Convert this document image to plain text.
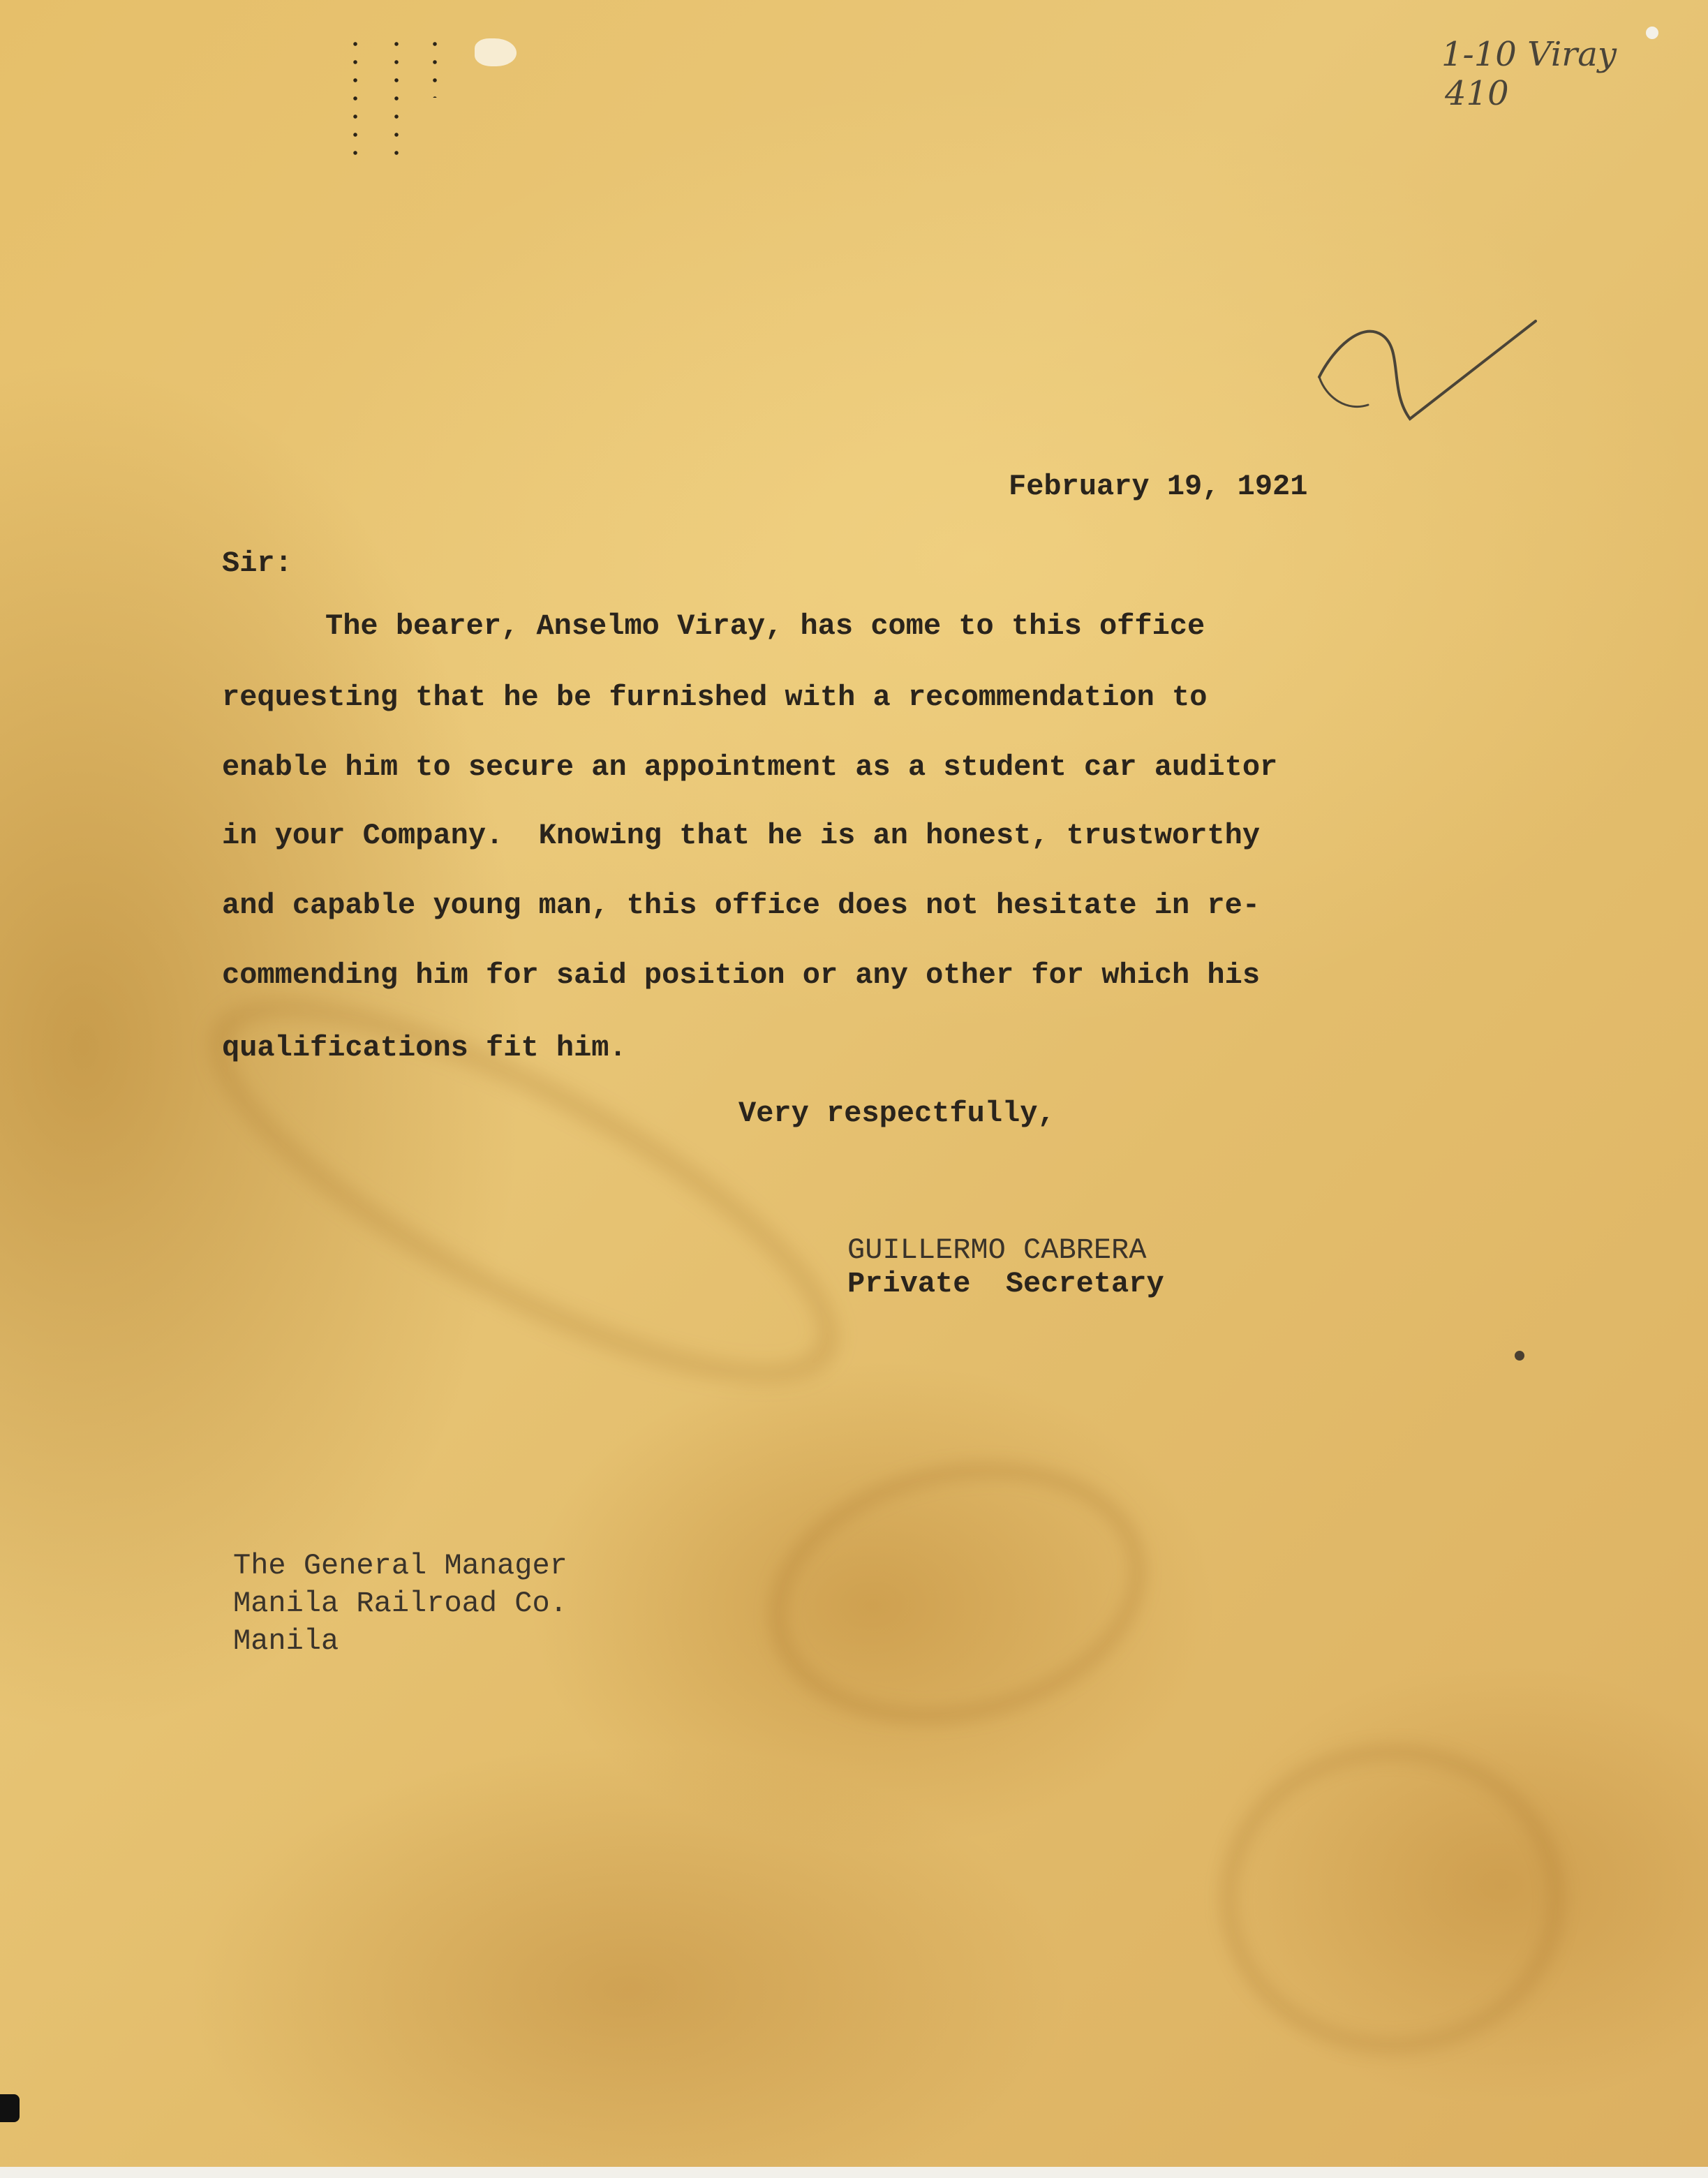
1-10 Viray
410

February 19, 1921

Sir:

The bearer, Anselmo Viray, has come to this office

requesting that he be furnished with a recommendation to

enable him to secure an appointment as a student car auditor

in your Company.  Knowing that he is an honest, trustworthy

and capable young man, this office does not hesitate in re-

commending him for said position or any other for which his

qualifications fit him.

Very respectfully,

GUILLERMO CABRERA

Private  Secretary

The General Manager

Manila Railroad Co.

Manila
